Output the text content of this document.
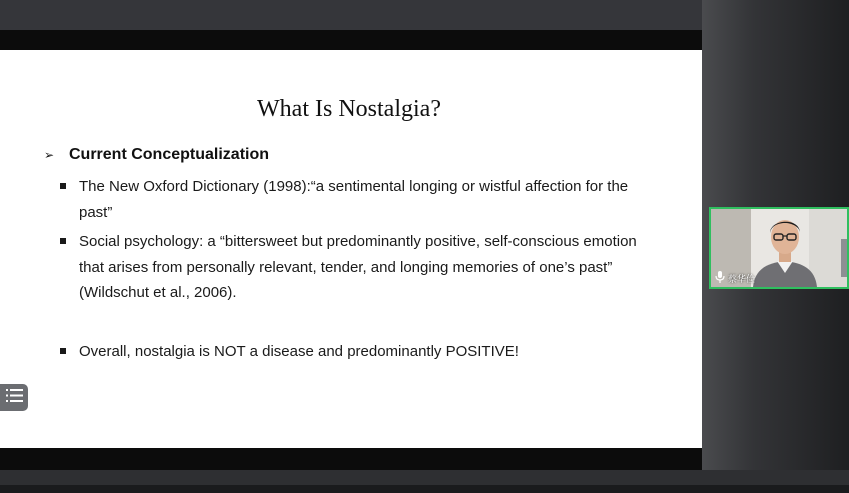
What Is Nostalgia?
➢ Current Conceptualization
The New Oxford Dictionary (1998):“a sentimental longing or wistful affection for the past”
Social psychology: a “bittersweet but predominantly positive, self-conscious emotion that arises from personally relevant, tender, and longing memories of one’s past” (Wildschut et al., 2006).
Overall, nostalgia is NOT a disease and predominantly POSITIVE!
蔡华俭
